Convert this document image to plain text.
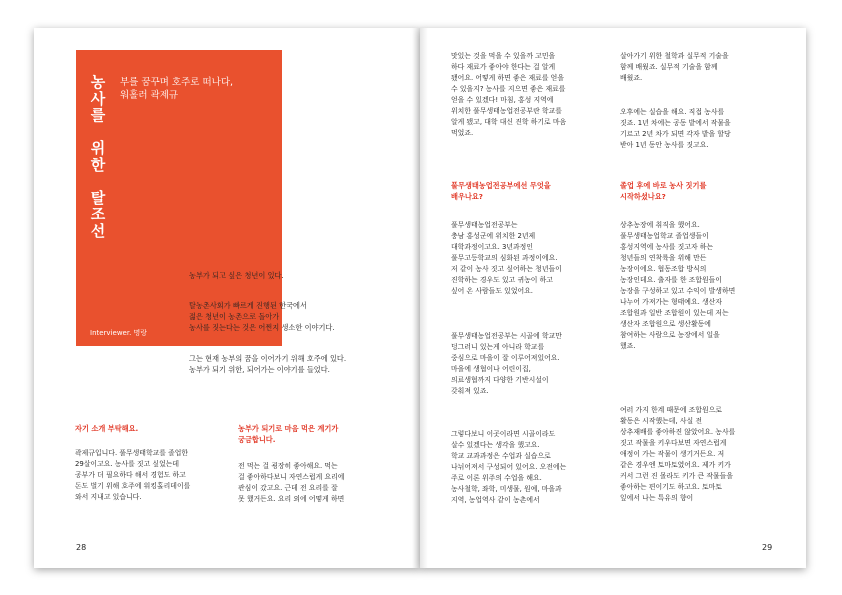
농
사
를

위
한

탈
조
선
부를 꿈꾸며 호주로 떠나다,
워홀러 곽제규
Interviewer. 명랑
농부가 되고 싶은 청년이 있다.
탈농촌사회가 빠르게 진행된 한국에서
젊은 청년이 농촌으로 돌아가
농사를 짓는다는 것은 어쩐지 생소한 이야기다.
그는 현재 농부의 꿈을 이어가기 위해 호주에 있다.
농부가 되기 위한, 되어가는 이야기를 들었다.
자기 소개 부탁해요.
곽제규입니다. 풀무생태학교를 졸업한
29살이고요. 농사를 짓고 싶었는데
공부가 더 필요하다 해서 경험도 하고
돈도 벌기 위해 호주에 워킹홀리데이를
와서 지내고 있습니다.
농부가 되기로 마음 먹은 계기가
궁금합니다.
전 먹는 걸 굉장히 좋아해요. 먹는
걸 좋아하다보니 자연스럽게 요리에
관심이 갔고요. 근데 전 요리를 잘
못 했거든요. 요리 외에 어떻게 하면
맛있는 것을 먹을 수 있을까 고민을
하다 재료가 좋아야 한다는 걸 알게
됐어요. 어떻게 하면 좋은 재료를 얻을
수 있을지? 농사를 지으면 좋은 재료를
얻을 수 있겠다! 마침, 홍성 지역에
위치한 풀무생태농업전공부란 학교를
알게 됐고, 대학 대신 진학 하기로 마음
먹었죠.
풀무생태농업전공부에선 무엇을
배우나요?
풀무생태농업전공부는
충남 홍성군에 위치한 2년제
대학과정이고요. 3년과정인
풀무고등학교의 심화된 과정이에요.
저 같이 농사 짓고 싶어하는 청년들이
진학하는 경우도 있고 귀농이 하고
싶어 온 사람들도 있었어요.
풀무생태농업전공부는 시골에 학교만
덩그러니 있는게 아니라 학교를
중심으로 마을이 잘 이루어져있어요.
마을에 생협이나 어린이집,
의료생협까지 다양한 기반시설이
갖춰져 있죠.
그렇다보니 이곳이라면 시골이라도
살수 있겠다는 생각을 했고요.
학교 교과과정은 수업과 실습으로
나뉘어져서 구성되어 있어요. 오전에는
주로 이론 위주의 수업을 해요.
농사철학, 좌학, 미생물, 원예, 마을과
지역, 농업역사 같이 농촌에서
살아가기 위한 철학과 실무적 기술을
함께 배웠죠. 실무적 기술을 함께
배웠죠.
오후에는 실습을 해요. 직접 농사를
짓죠. 1년 차에는 공동 밭에서 작물을
기르고 2년 차가 되면 각자 밭을 할당
받아 1년 동안 농사를 짓고요.
졸업 후에 바로 농사 짓기를
시작하셨나요?
상추농장에 취직을 했어요.
풀무생태농업학교 졸업생들이
홍성지역에 농사를 짓고자 하는
청년들의 연착륙을 위해 만든
농장이에요. 협동조합 방식의
농장인데요. 출자를 한 조합원들이
농장을 구성하고 있고 수익이 발생하면
나누어 가져가는 형태예요. 생산자
조합원과 일반 조합원이 있는데 저는
생산자 조합원으로 생산활동에
참여하는 사람으로 농장에서 일을
했죠.
여러 가지 한계 때문에 조합원으로
활동은 시작했는데, 사실 전
상추재배를 좋아하진 않았어요. 농사를
짓고 작물을 키우다보면 자연스럽게
애정이 가는 작물이 생기거든요. 저
같은 경우엔 토마토였어요. 제가 키가
커서 그런 진 몰라도 키가 큰 작물들을
좋아하는 편이기도 하고요. 토마토
잎에서 나는 특유의 향이
28	29
